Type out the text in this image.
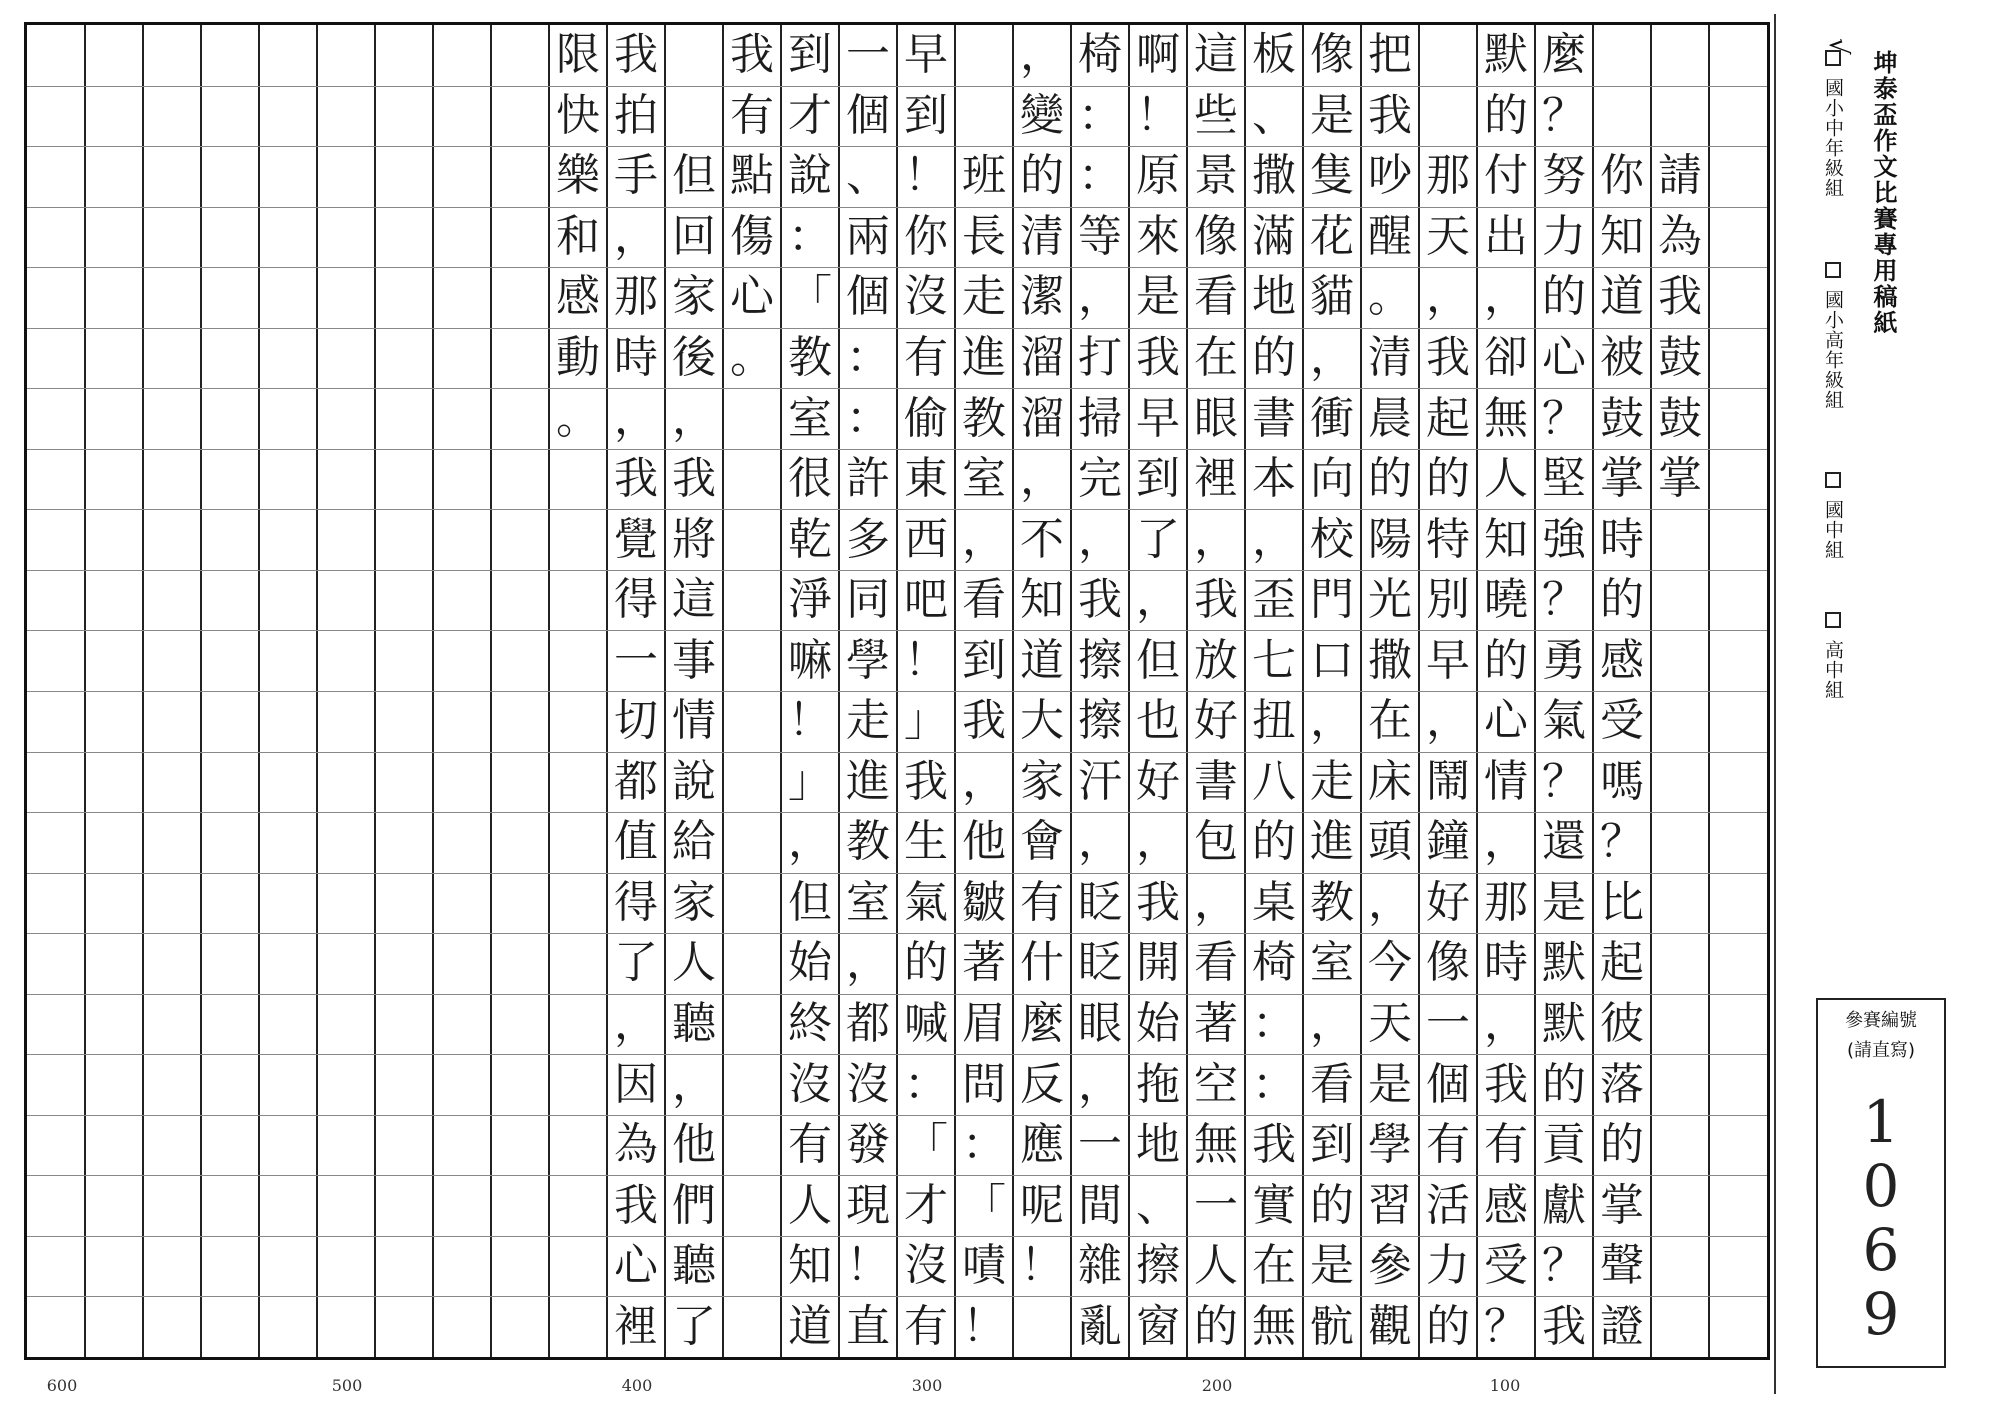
請
為
我
鼓
鼓
掌

你
知
道
被
鼓
掌
時
的
感
受
嗎
？
比
起
彼
落
的
掌
聲
證
麼
？
努
力
的
心
？
堅
強
？
勇
氣
？
還
是
默
默
的
貢
獻
？
我
默
的
付
出
，
卻
無
人
知
曉
的
心
情
，
那
時
，
我
有
感
受
？

那
天
，
我
起
的
特
別
早
，
鬧
鐘
好
像
一
個
有
活
力
的
把
我
吵
醒
。
清
晨
的
陽
光
撒
在
床
頭
，
今
天
是
學
習
參
觀
像
是
隻
花
貓
，
衝
向
校
門
口
，
走
進
教
室
，
看
到
的
是
骯
板
、
撒
滿
地
的
書
本
，
歪
七
扭
八
的
桌
椅
：
：
我
實
在
無
這
些
景
像
看
在
眼
裡
，
我
放
好
書
包
，
看
著
空
無
一
人
的
啊
！
原
來
是
我
早
到
了
，
但
也
好
，
我
開
始
拖
地
、
擦
窗
椅
：
：
等
，
打
掃
完
，
我
擦
擦
汗
，
眨
眨
眼
，
一
間
雜
亂
，
變
的
清
潔
溜
溜
，
不
知
道
大
家
會
有
什
麼
反
應
呢
！

班
長
走
進
教
室
，
看
到
我
，
他
皺
著
眉
問
：
「
嘖
！
早
到
！
你
沒
有
偷
東
西
吧
！
」
我
生
氣
的
喊
：
「
才
沒
有
一
個
、
兩
個
：
：
許
多
同
學
走
進
教
室
，
都
沒
發
現
！
直
到
才
說
：
「
教
室
很
乾
淨
嘛
！
」
，
但
始
終
沒
有
人
知
道
我
有
點
傷
心
。

但
回
家
後
，
我
將
這
事
情
說
給
家
人
聽
，
他
們
聽
了
我
拍
手
，
那
時
，
我
覺
得
一
切
都
值
得
了
，
因
為
我
心
裡
限
快
樂
和
感
動
。
600	500	400	300	200	100
坤泰盃作文比賽專用稿紙
√
國小中年級組
國小高年級組
國中組
高中組
參賽編號
(請直寫)
1
0
6
9
